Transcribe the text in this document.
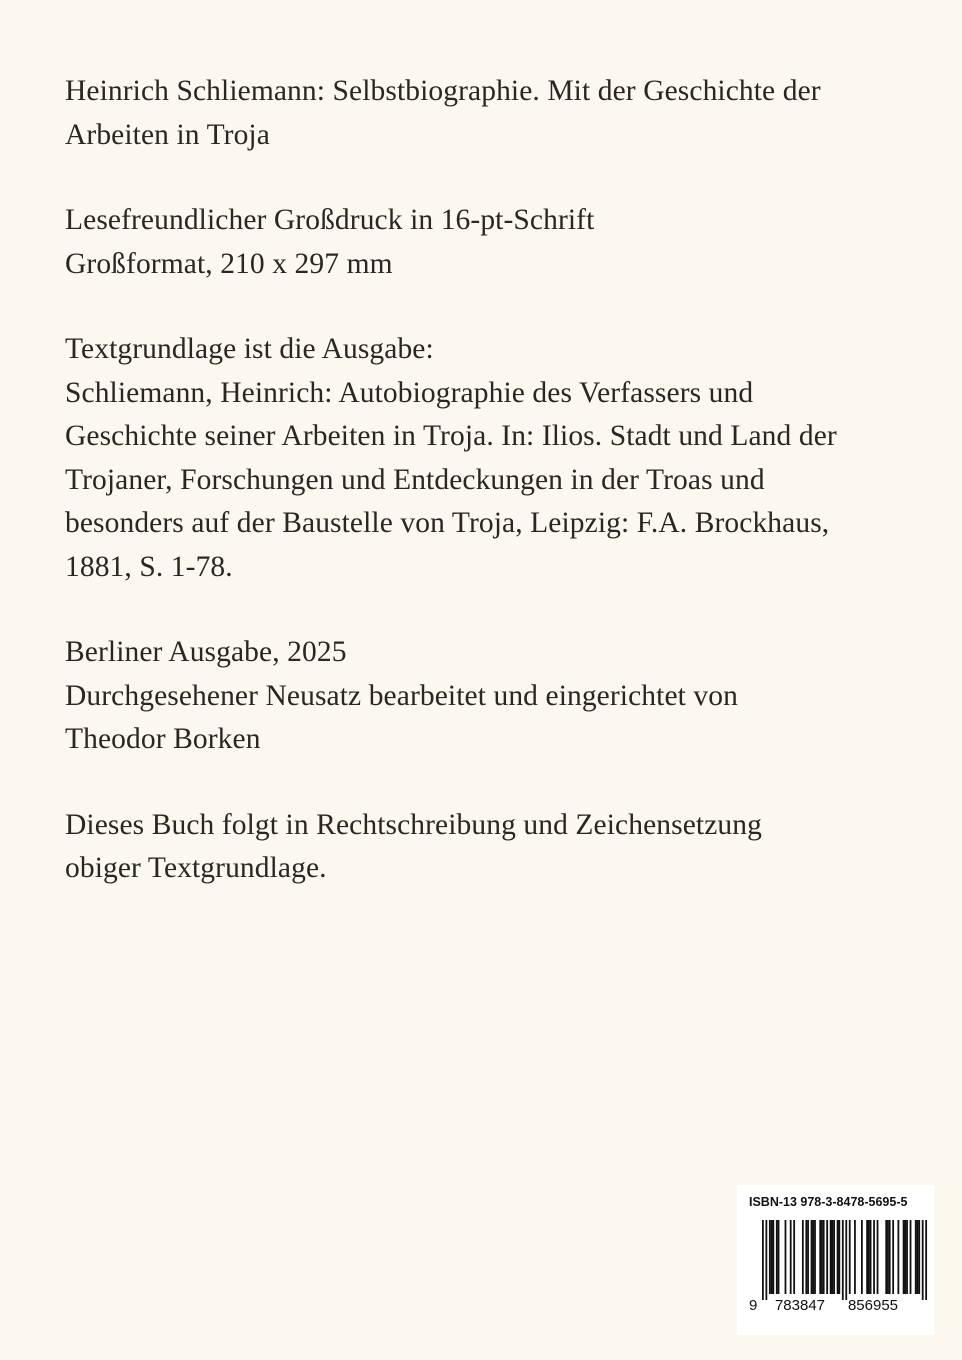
Heinrich Schliemann: Selbstbiographie. Mit der Geschichte der
Arbeiten in Troja
Lesefreundlicher Großdruck in 16-pt-Schrift
Großformat, 210 x 297 mm
Textgrundlage ist die Ausgabe:
Schliemann, Heinrich: Autobiographie des Verfassers und
Geschichte seiner Arbeiten in Troja. In: Ilios. Stadt und Land der
Trojaner, Forschungen und Entdeckungen in der Troas und
besonders auf der Baustelle von Troja, Leipzig: F.A. Brockhaus,
1881, S. 1-78.
Berliner Ausgabe, 2025
Durchgesehener Neusatz bearbeitet und eingerichtet von
Theodor Borken
Dieses Buch folgt in Rechtschreibung und Zeichensetzung
obiger Textgrundlage.
ISBN-13 978-3-8478-5695-5
9 783847 856955
